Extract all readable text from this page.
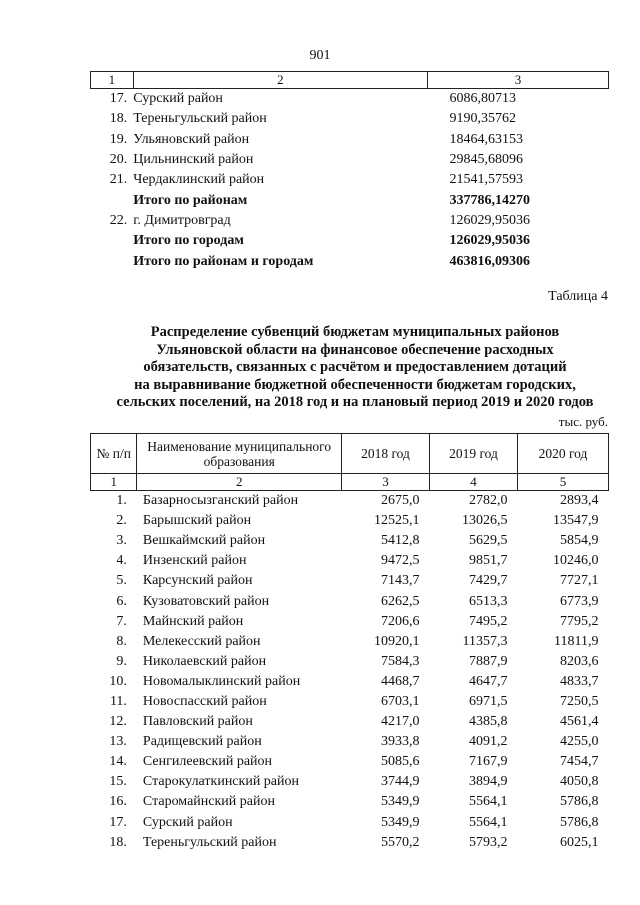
901
1	2	3
17.	Сурский район	6086,80713
18.	Тереньгульский район	9190,35762
19.	Ульяновский район	18464,63153
20.	Цильнинский район	29845,68096
21.	Чердаклинский район	21541,57593
	Итого по районам	337786,14270
22.	г. Димитровград	126029,95036
	Итого по городам	126029,95036
	Итого по районам и городам	463816,09306
Таблица 4
Распределение субвенций бюджетам муниципальных районов
Ульяновской области на финансовое обеспечение расходных
обязательств, связанных с расчётом и предоставлением дотаций
на выравнивание бюджетной обеспеченности бюджетам городских,
сельских поселений, на 2018 год и на плановый период 2019 и 2020 годов
тыс. руб.
№ п/п	Наименование муниципального образования	2018 год	2019 год	2020 год
1	2	3	4	5
1.	Базарносызганский район	2675,0	2782,0	2893,4
2.	Барышский район	12525,1	13026,5	13547,9
3.	Вешкаймский район	5412,8	5629,5	5854,9
4.	Инзенский район	9472,5	9851,7	10246,0
5.	Карсунский район	7143,7	7429,7	7727,1
6.	Кузоватовский район	6262,5	6513,3	6773,9
7.	Майнский район	7206,6	7495,2	7795,2
8.	Мелекесский район	10920,1	11357,3	11811,9
9.	Николаевский район	7584,3	7887,9	8203,6
10.	Новомалыклинский район	4468,7	4647,7	4833,7
11.	Новоспасский район	6703,1	6971,5	7250,5
12.	Павловский район	4217,0	4385,8	4561,4
13.	Радищевский район	3933,8	4091,2	4255,0
14.	Сенгилеевский район	5085,6	7167,9	7454,7
15.	Старокулаткинский район	3744,9	3894,9	4050,8
16.	Старомайнский район	5349,9	5564,1	5786,8
17.	Сурский район	5349,9	5564,1	5786,8
18.	Тереньгульский район	5570,2	5793,2	6025,1
